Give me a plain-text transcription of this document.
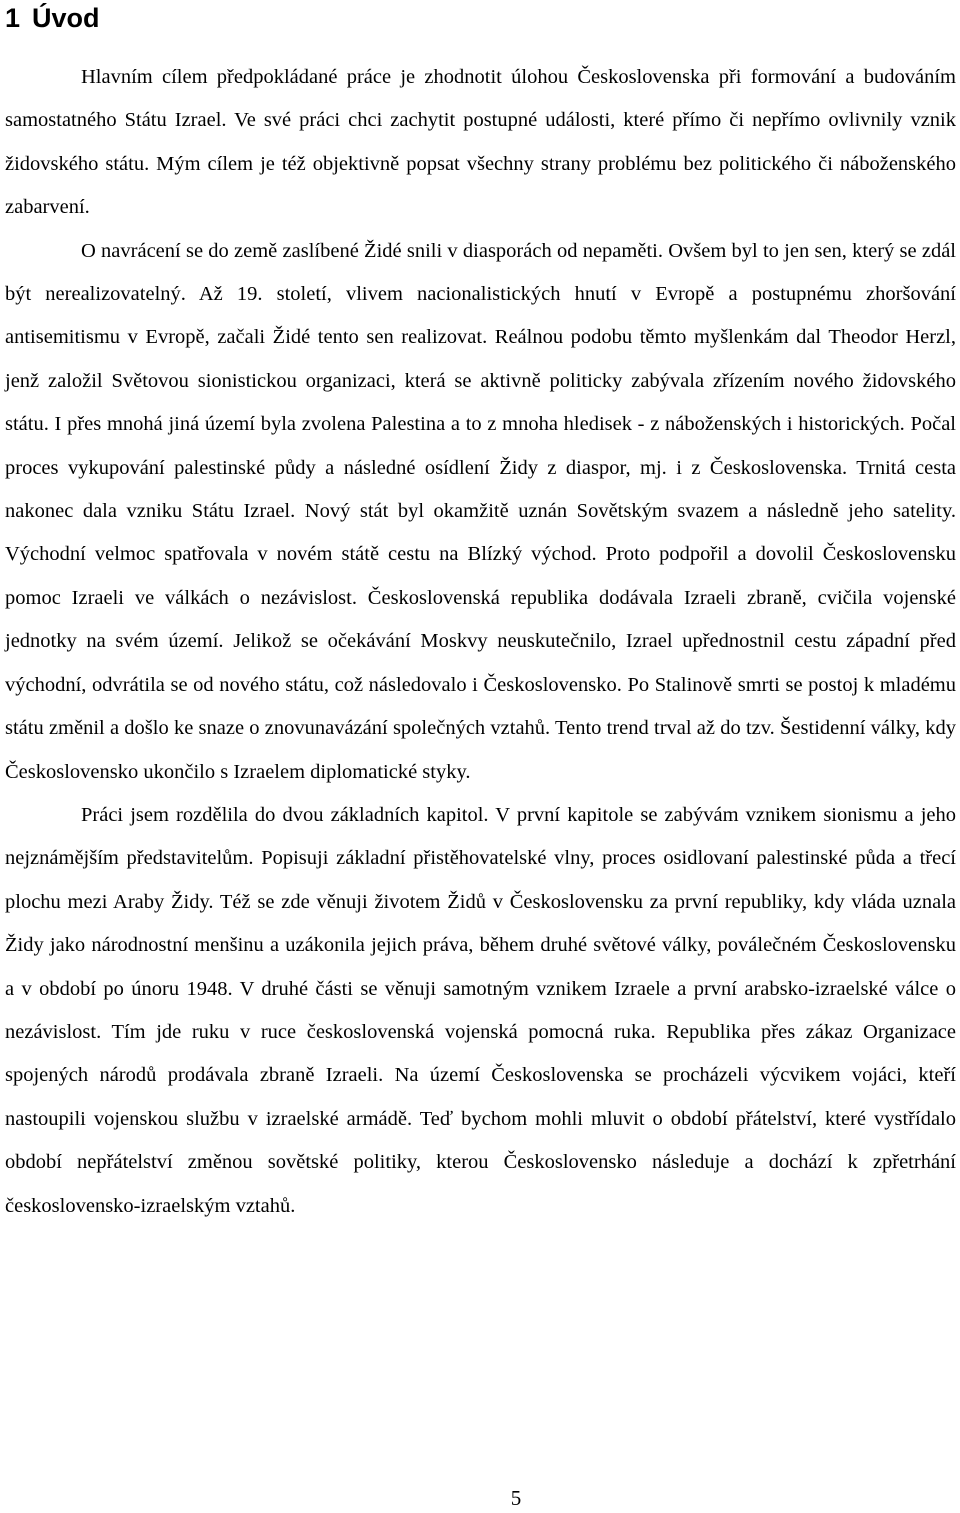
1 Úvod

Hlavním cílem předpokládané práce je zhodnotit úlohou Československa při formování a budováním samostatného Státu Izrael. Ve své práci chci zachytit postupné události, které přímo či nepřímo ovlivnily vznik židovského státu. Mým cílem je též objektivně popsat všechny strany problému bez politického či náboženského zabarvení.

O navrácení se do země zaslíbené Židé snili v diasporách od nepaměti. Ovšem byl to jen sen, který se zdál být nerealizovatelný. Až 19. století, vlivem nacionalistických hnutí v Evropě a postupnému zhoršování antisemitismu v Evropě, začali Židé tento sen realizovat. Reálnou podobu těmto myšlenkám dal Theodor Herzl, jenž založil Světovou sionistickou organizaci, která se aktivně politicky zabývala zřízením nového židovského státu. I přes mnohá jiná území byla zvolena Palestina a to z mnoha hledisek - z náboženských i historických. Počal proces vykupování palestinské půdy a následné osídlení Židy z diaspor, mj. i z Československa. Trnitá cesta nakonec dala vzniku Státu Izrael. Nový stát byl okamžitě uznán Sovětským svazem a následně jeho satelity. Východní velmoc spatřovala v novém státě cestu na Blízký východ. Proto podpořil a dovolil Československu pomoc Izraeli ve válkách o nezávislost. Československá republika dodávala Izraeli zbraně, cvičila vojenské jednotky na svém území. Jelikož se očekávání Moskvy neuskutečnilo, Izrael upřednostnil cestu západní před východní, odvrátila se od nového státu, což následovalo i Československo. Po Stalinově smrti se postoj k mladému státu změnil a došlo ke snaze o znovunavázání společných vztahů. Tento trend trval až do tzv. Šestidenní války, kdy Československo ukončilo s Izraelem diplomatické styky.

Práci jsem rozdělila do dvou základních kapitol. V první kapitole se zabývám vznikem sionismu a jeho nejznámějším představitelům. Popisuji základní přistěhovatelské vlny, proces osidlovaní palestinské půda a třecí plochu mezi Araby Židy. Též se zde věnuji životem Židů v Československu za první republiky, kdy vláda uznala Židy jako národnostní menšinu a uzákonila jejich práva, během druhé světové války, poválečném Československu a v období po únoru 1948. V druhé části se věnuji samotným vznikem Izraele a první arabsko-izraelské válce o nezávislost. Tím jde ruku v ruce československá vojenská pomocná ruka. Republika přes zákaz Organizace spojených národů prodávala zbraně Izraeli. Na území Československa se procházeli výcvikem vojáci, kteří nastoupili vojenskou službu v izraelské armádě. Teď bychom mohli mluvit o období přátelství, které vystřídalo období nepřátelství změnou sovětské politiky, kterou Československo následuje a dochází k zpřetrhání československo-izraelským vztahů.

5
